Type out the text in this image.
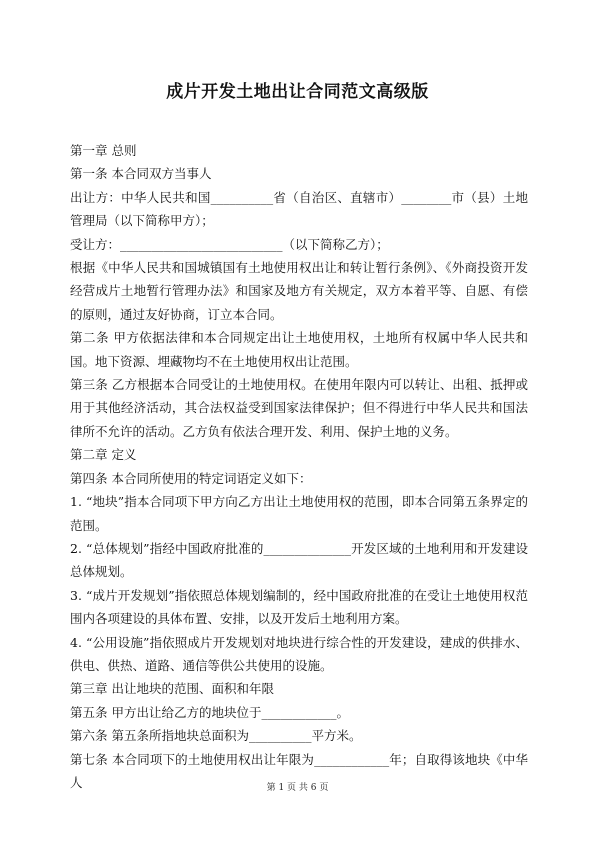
成片开发土地出让合同范文高级版

第一章 总则

第一条 本合同双方当事人

出让方：中华人民共和国__________省（自治区、直辖市）________市（县）土地管理局（以下简称甲方）；

受让方：__________________________（以下简称乙方）；

根据《中华人民共和国城镇国有土地使用权出让和转让暂行条例》、《外商投资开发经营成片土地暂行管理办法》和国家及地方有关规定，双方本着平等、自愿、有偿的原则，通过友好协商，订立本合同。

第二条 甲方依据法律和本合同规定出让土地使用权，土地所有权属中华人民共和国。地下资源、埋藏物均不在土地使用权出让范围。

第三条 乙方根据本合同受让的土地使用权。在使用年限内可以转让、出租、抵押或用于其他经济活动，其合法权益受到国家法律保护；但不得进行中华人民共和国法律所不允许的活动。乙方负有依法合理开发、利用、保护土地的义务。

第二章 定义

第四条 本合同所使用的特定词语定义如下：

1. “地块”指本合同项下甲方向乙方出让土地使用权的范围，即本合同第五条界定的范围。

2. “总体规划”指经中国政府批准的______________开发区域的土地利用和开发建设总体规划。

3. “成片开发规划”指依照总体规划编制的，经中国政府批准的在受让土地使用权范围内各项建设的具体布置、安排，以及开发后土地利用方案。

4. “公用设施”指依照成片开发规划对地块进行综合性的开发建设，建成的供排水、供电、供热、道路、通信等供公共使用的设施。

第三章 出让地块的范围、面积和年限

第五条 甲方出让给乙方的地块位于____________。

第六条 第五条所指地块总面积为__________平方米。

第七条 本合同项下的土地使用权出让年限为____________年；自取得该地块《中华人	第 1 页 共 6 页
